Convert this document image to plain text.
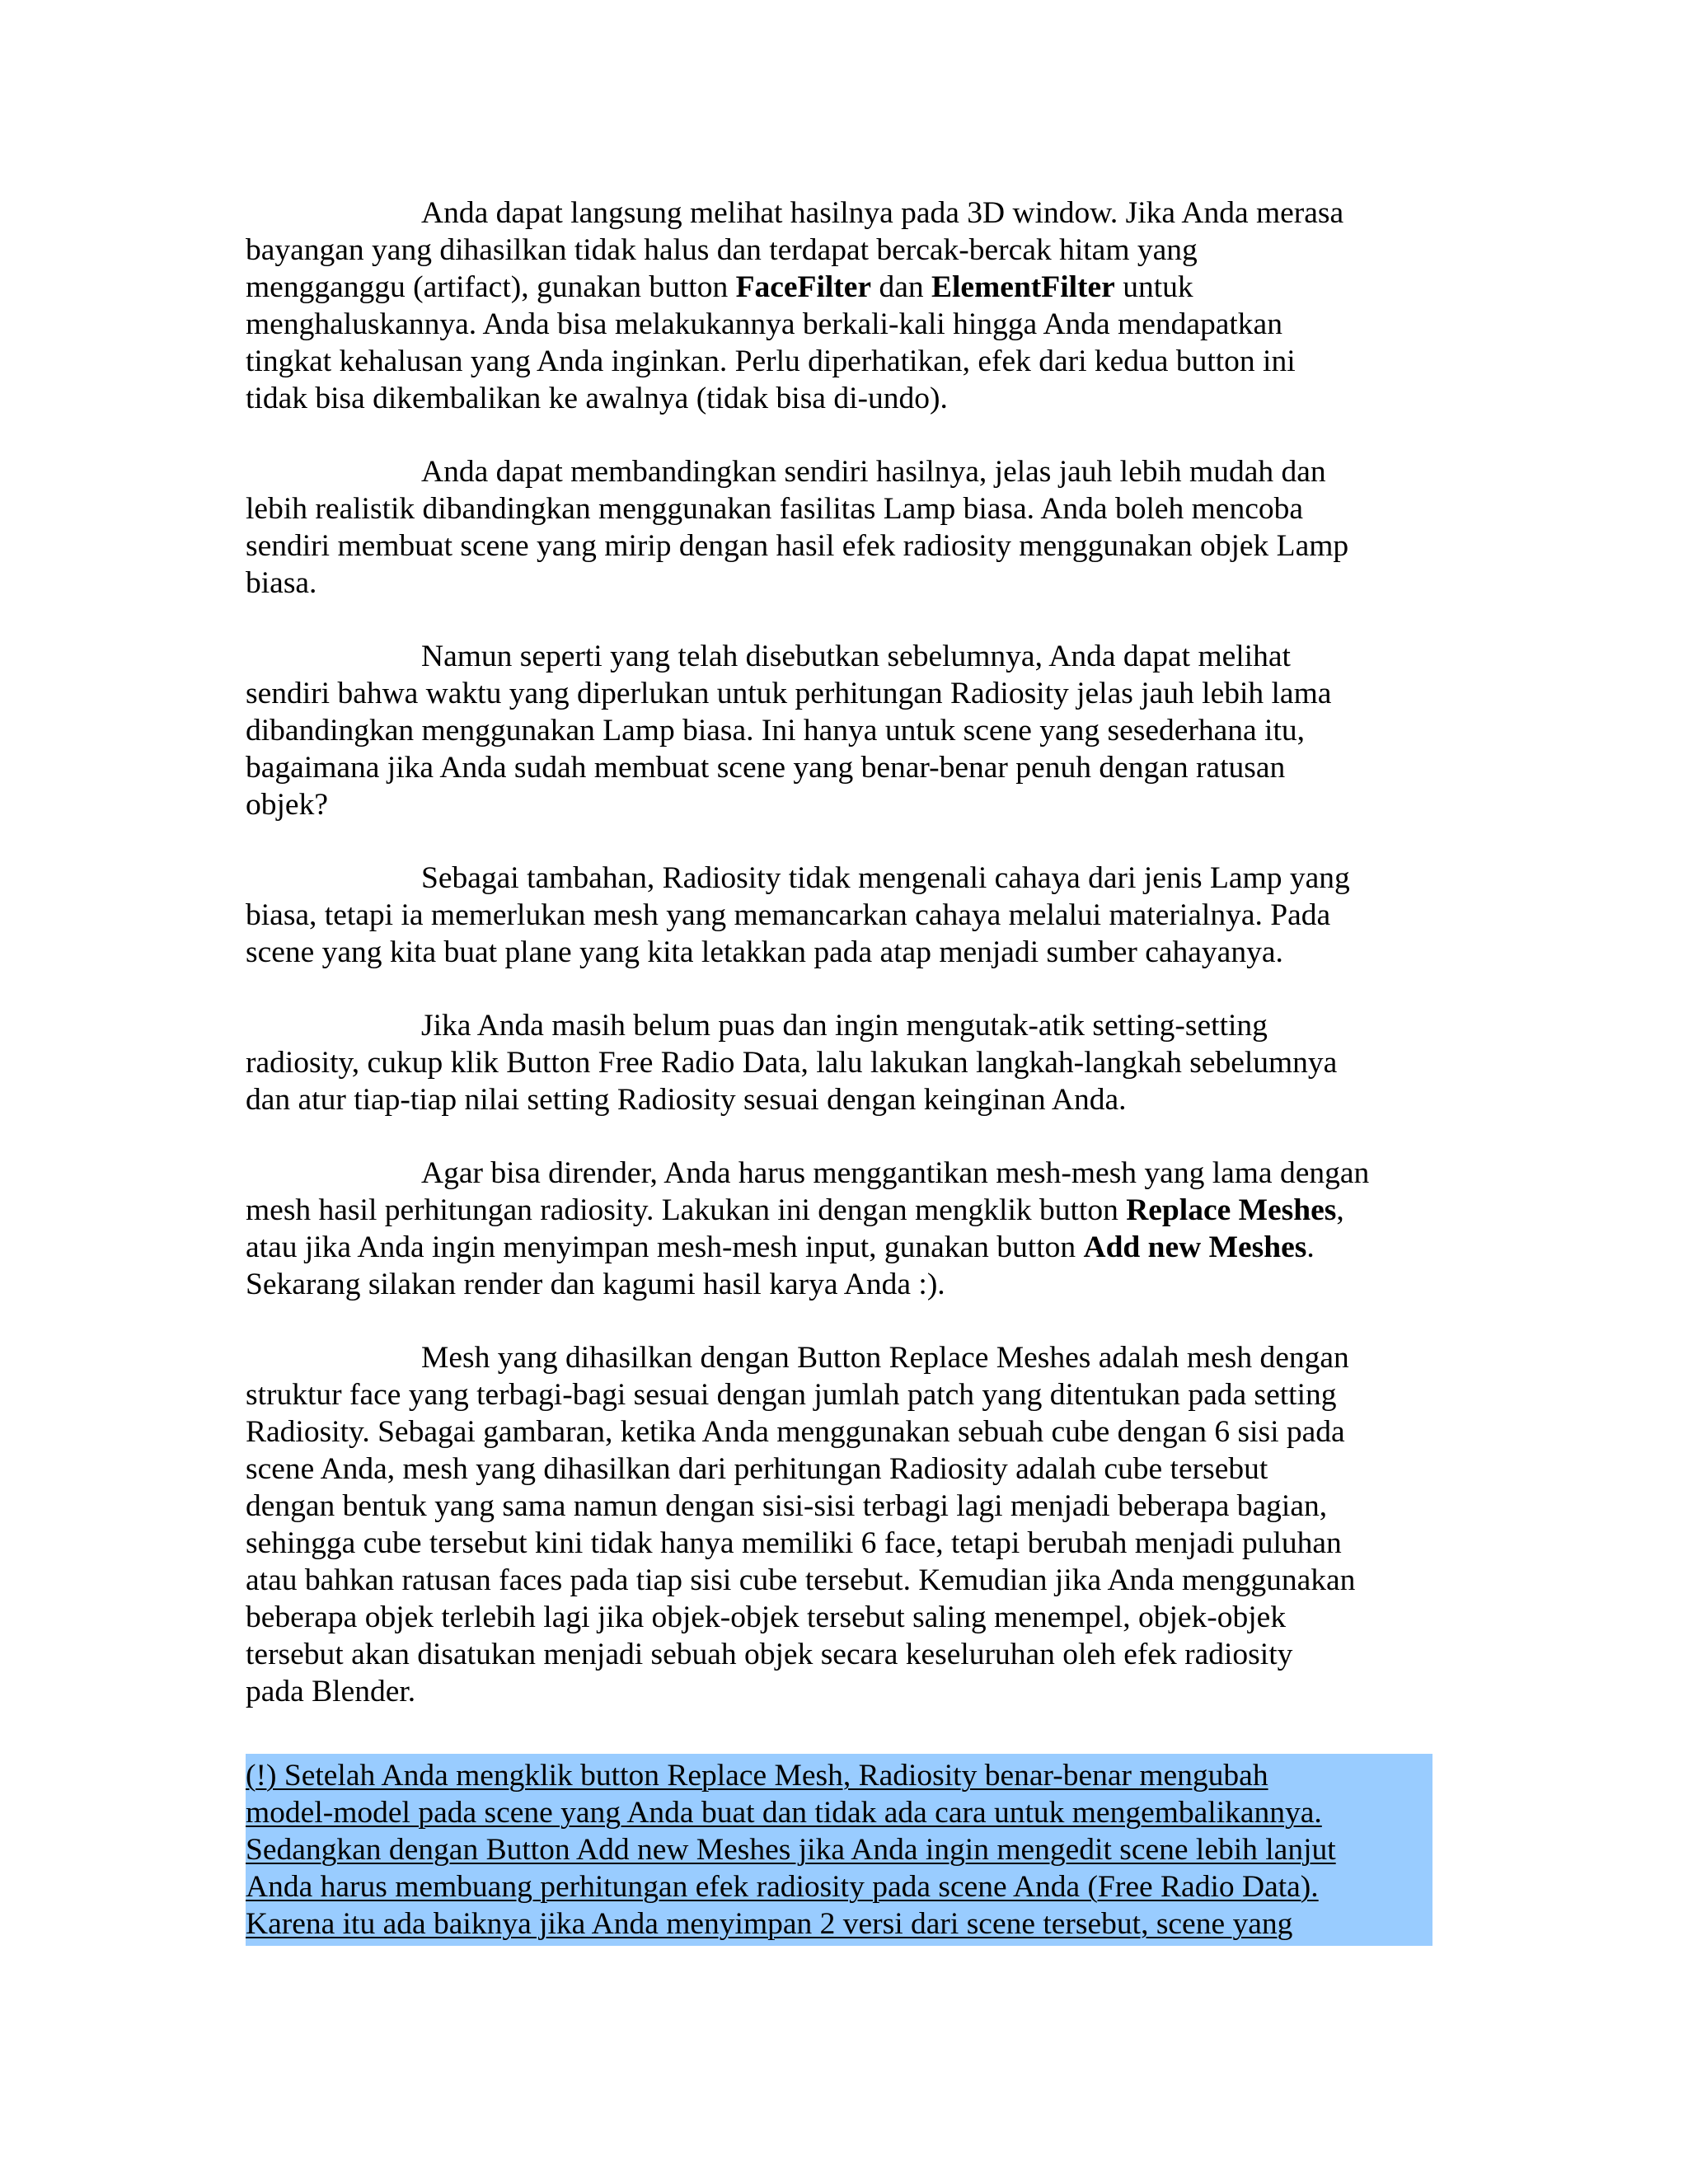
Anda dapat langsung melihat hasilnya pada 3D window. Jika Anda merasa
bayangan yang dihasilkan tidak halus dan terdapat bercak-bercak hitam yang
mengganggu (artifact), gunakan button FaceFilter dan ElementFilter untuk
menghaluskannya. Anda bisa melakukannya berkali-kali hingga Anda mendapatkan
tingkat kehalusan yang Anda inginkan. Perlu diperhatikan, efek dari kedua button ini
tidak bisa dikembalikan ke awalnya (tidak bisa di-undo).

Anda dapat membandingkan sendiri hasilnya, jelas jauh lebih mudah dan
lebih realistik dibandingkan menggunakan fasilitas Lamp biasa. Anda boleh mencoba
sendiri membuat scene yang mirip dengan hasil efek radiosity menggunakan objek Lamp
biasa.

Namun seperti yang telah disebutkan sebelumnya, Anda dapat melihat
sendiri bahwa waktu yang diperlukan untuk perhitungan Radiosity jelas jauh lebih lama
dibandingkan menggunakan Lamp biasa. Ini hanya untuk scene yang sesederhana itu,
bagaimana jika Anda sudah membuat scene yang benar-benar penuh dengan ratusan
objek?

Sebagai tambahan, Radiosity tidak mengenali cahaya dari jenis Lamp yang
biasa, tetapi ia memerlukan mesh yang memancarkan cahaya melalui materialnya. Pada
scene yang kita buat plane yang kita letakkan pada atap menjadi sumber cahayanya.

Jika Anda masih belum puas dan ingin mengutak-atik setting-setting
radiosity, cukup klik Button Free Radio Data, lalu lakukan langkah-langkah sebelumnya
dan atur tiap-tiap nilai setting Radiosity sesuai dengan keinginan Anda.

Agar bisa dirender, Anda harus menggantikan mesh-mesh yang lama dengan
mesh hasil perhitungan radiosity. Lakukan ini dengan mengklik button Replace Meshes,
atau jika Anda ingin menyimpan mesh-mesh input, gunakan button Add new Meshes.
Sekarang silakan render dan kagumi hasil karya Anda :).

Mesh yang dihasilkan dengan Button Replace Meshes adalah mesh dengan
struktur face yang terbagi-bagi sesuai dengan jumlah patch yang ditentukan pada setting
Radiosity. Sebagai gambaran, ketika Anda menggunakan sebuah cube dengan 6 sisi pada
scene Anda, mesh yang dihasilkan dari perhitungan Radiosity adalah cube tersebut
dengan bentuk yang sama namun dengan sisi-sisi terbagi lagi menjadi beberapa bagian,
sehingga cube tersebut kini tidak hanya memiliki 6 face, tetapi berubah menjadi puluhan
atau bahkan ratusan faces pada tiap sisi cube tersebut. Kemudian jika Anda menggunakan
beberapa objek terlebih lagi jika objek-objek tersebut saling menempel, objek-objek
tersebut akan disatukan menjadi sebuah objek secara keseluruhan oleh efek radiosity
pada Blender.

(!) Setelah Anda mengklik button Replace Mesh, Radiosity benar-benar mengubah
model-model pada scene yang Anda buat dan tidak ada cara untuk mengembalikannya.
Sedangkan dengan Button Add new Meshes jika Anda ingin mengedit scene lebih lanjut
Anda harus membuang perhitungan efek radiosity pada scene Anda (Free Radio Data).
Karena itu ada baiknya jika Anda menyimpan 2 versi dari scene tersebut, scene yang
